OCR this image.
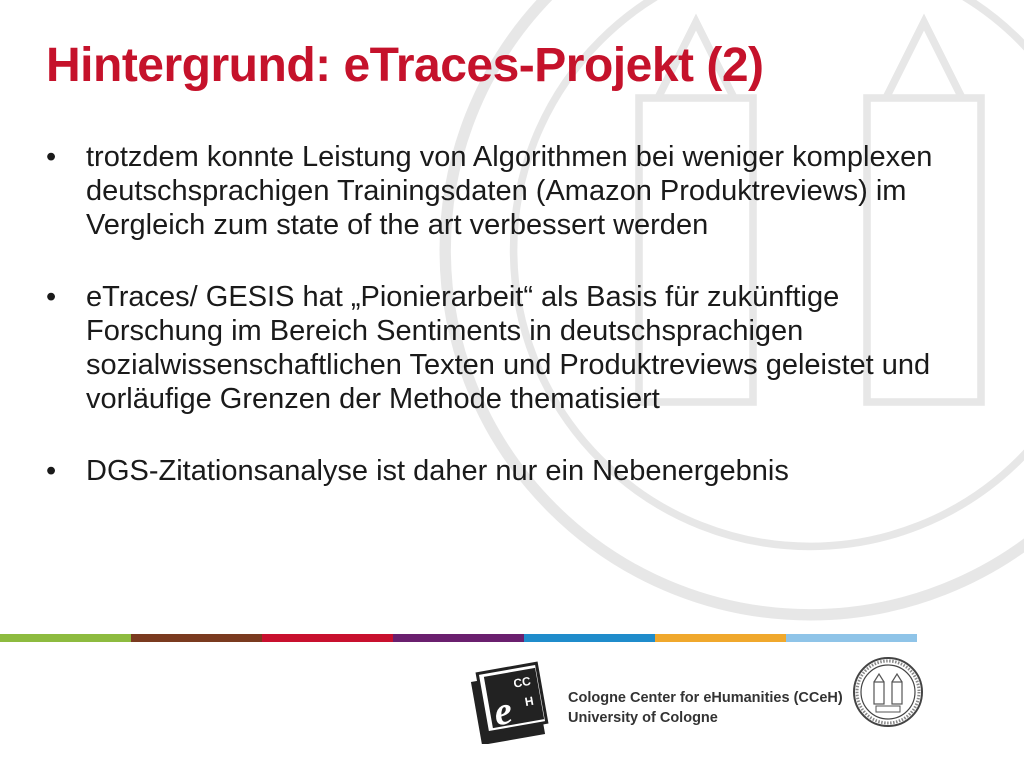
Hintergrund: eTraces-Projekt (2)
• trotzdem konnte Leistung von Algorithmen bei weniger komplexen deutschsprachigen Trainingsdaten (Amazon Produktreviews) im Vergleich zum state of the art verbessert werden
• eTraces/ GESIS hat „Pionierarbeit“ als Basis für zukünftige Forschung im Bereich Sentiments in deutschsprachigen sozialwissenschaftlichen Texten und Produktreviews geleistet und vorläufige Grenzen der Methode thematisiert
• DGS-Zitationsanalyse ist daher nur ein Nebenergebnis
CC
H
e	Cologne Center for eHumanities (CCeH)
University of Cologne
